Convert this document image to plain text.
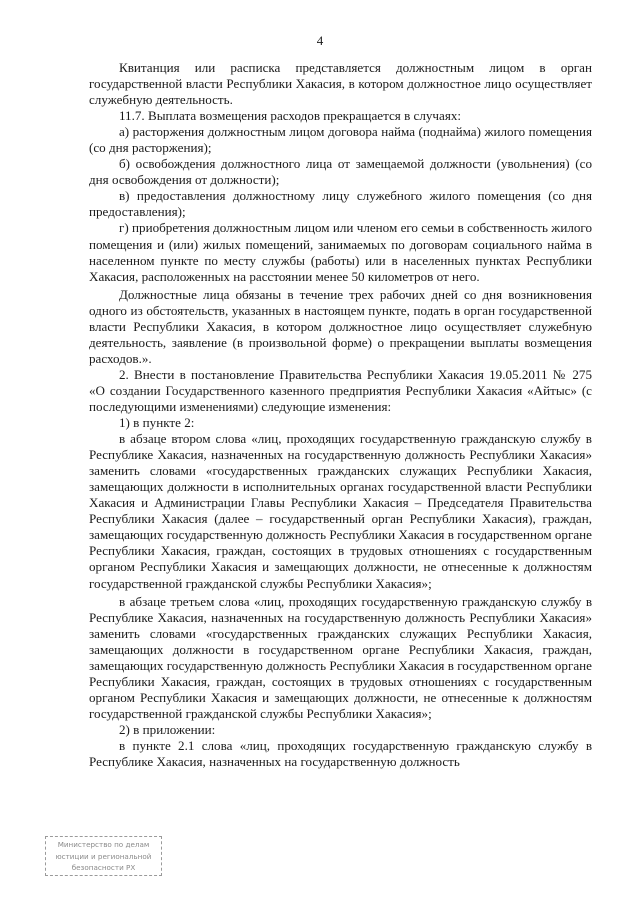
4

Квитанция или расписка представляется должностным лицом в орган государственной власти Республики Хакасия, в котором должностное лицо осуществляет служебную деятельность.

11.7. Выплата возмещения расходов прекращается в случаях:

а) расторжения должностным лицом договора найма (поднайма) жилого помещения (со дня расторжения);

б) освобождения должностного лица от замещаемой должности (увольнения) (со дня освобождения от должности);

в) предоставления должностному лицу служебного жилого помещения (со дня предоставления);

г) приобретения должностным лицом или членом его семьи в собственность жилого помещения и (или) жилых помещений, занимаемых по договорам социального найма в населенном пункте по месту службы (работы) или в населенных пунктах Республики Хакасия, расположенных на расстоянии менее 50 километров от него.

Должностные лица обязаны в течение трех рабочих дней со дня возникновения одного из обстоятельств, указанных в настоящем пункте, подать в орган государственной власти Республики Хакасия, в котором должностное лицо осуществляет служебную деятельность, заявление (в произвольной форме) о прекращении выплаты возмещения расходов.».

2. Внести в постановление Правительства Республики Хакасия 19.05.2011 № 275 «О создании Государственного казенного предприятия Республики Хакасия «Айтыс» (с последующими изменениями) следующие изменения:

1) в пункте 2:

в абзаце втором слова «лиц, проходящих государственную гражданскую службу в Республике Хакасия, назначенных на государственную должность Республики Хакасия» заменить словами «государственных гражданских служащих Республики Хакасия, замещающих должности в исполнительных органах государственной власти Республики Хакасия и Администрации Главы Республики Хакасия – Председателя Правительства Республики Хакасия (далее – государственный орган Республики Хакасия), граждан, замещающих государственную должность Республики Хакасия в государственном органе Республики Хакасия, граждан, состоящих в трудовых отношениях с государственным органом Республики Хакасия и замещающих должности, не отнесенные к должностям государственной гражданской службы Республики Хакасия»;

в абзаце третьем слова «лиц, проходящих государственную гражданскую службу в Республике Хакасия, назначенных на государственную должность Республики Хакасия» заменить словами «государственных гражданских служащих Республики Хакасия, замещающих должности в государственном органе Республики Хакасия, граждан, замещающих государственную должность Республики Хакасия в государственном органе Республики Хакасия, граждан, состоящих в трудовых отношениях с государственным органом Республики Хакасия и замещающих должности, не отнесенные к должностям государственной гражданской службы Республики Хакасия»;

2) в приложении:

в пункте 2.1 слова «лиц, проходящих государственную гражданскую службу в Республике Хакасия, назначенных на государственную должность

Министерство по делам
юстиции и региональной
безопасности РХ
